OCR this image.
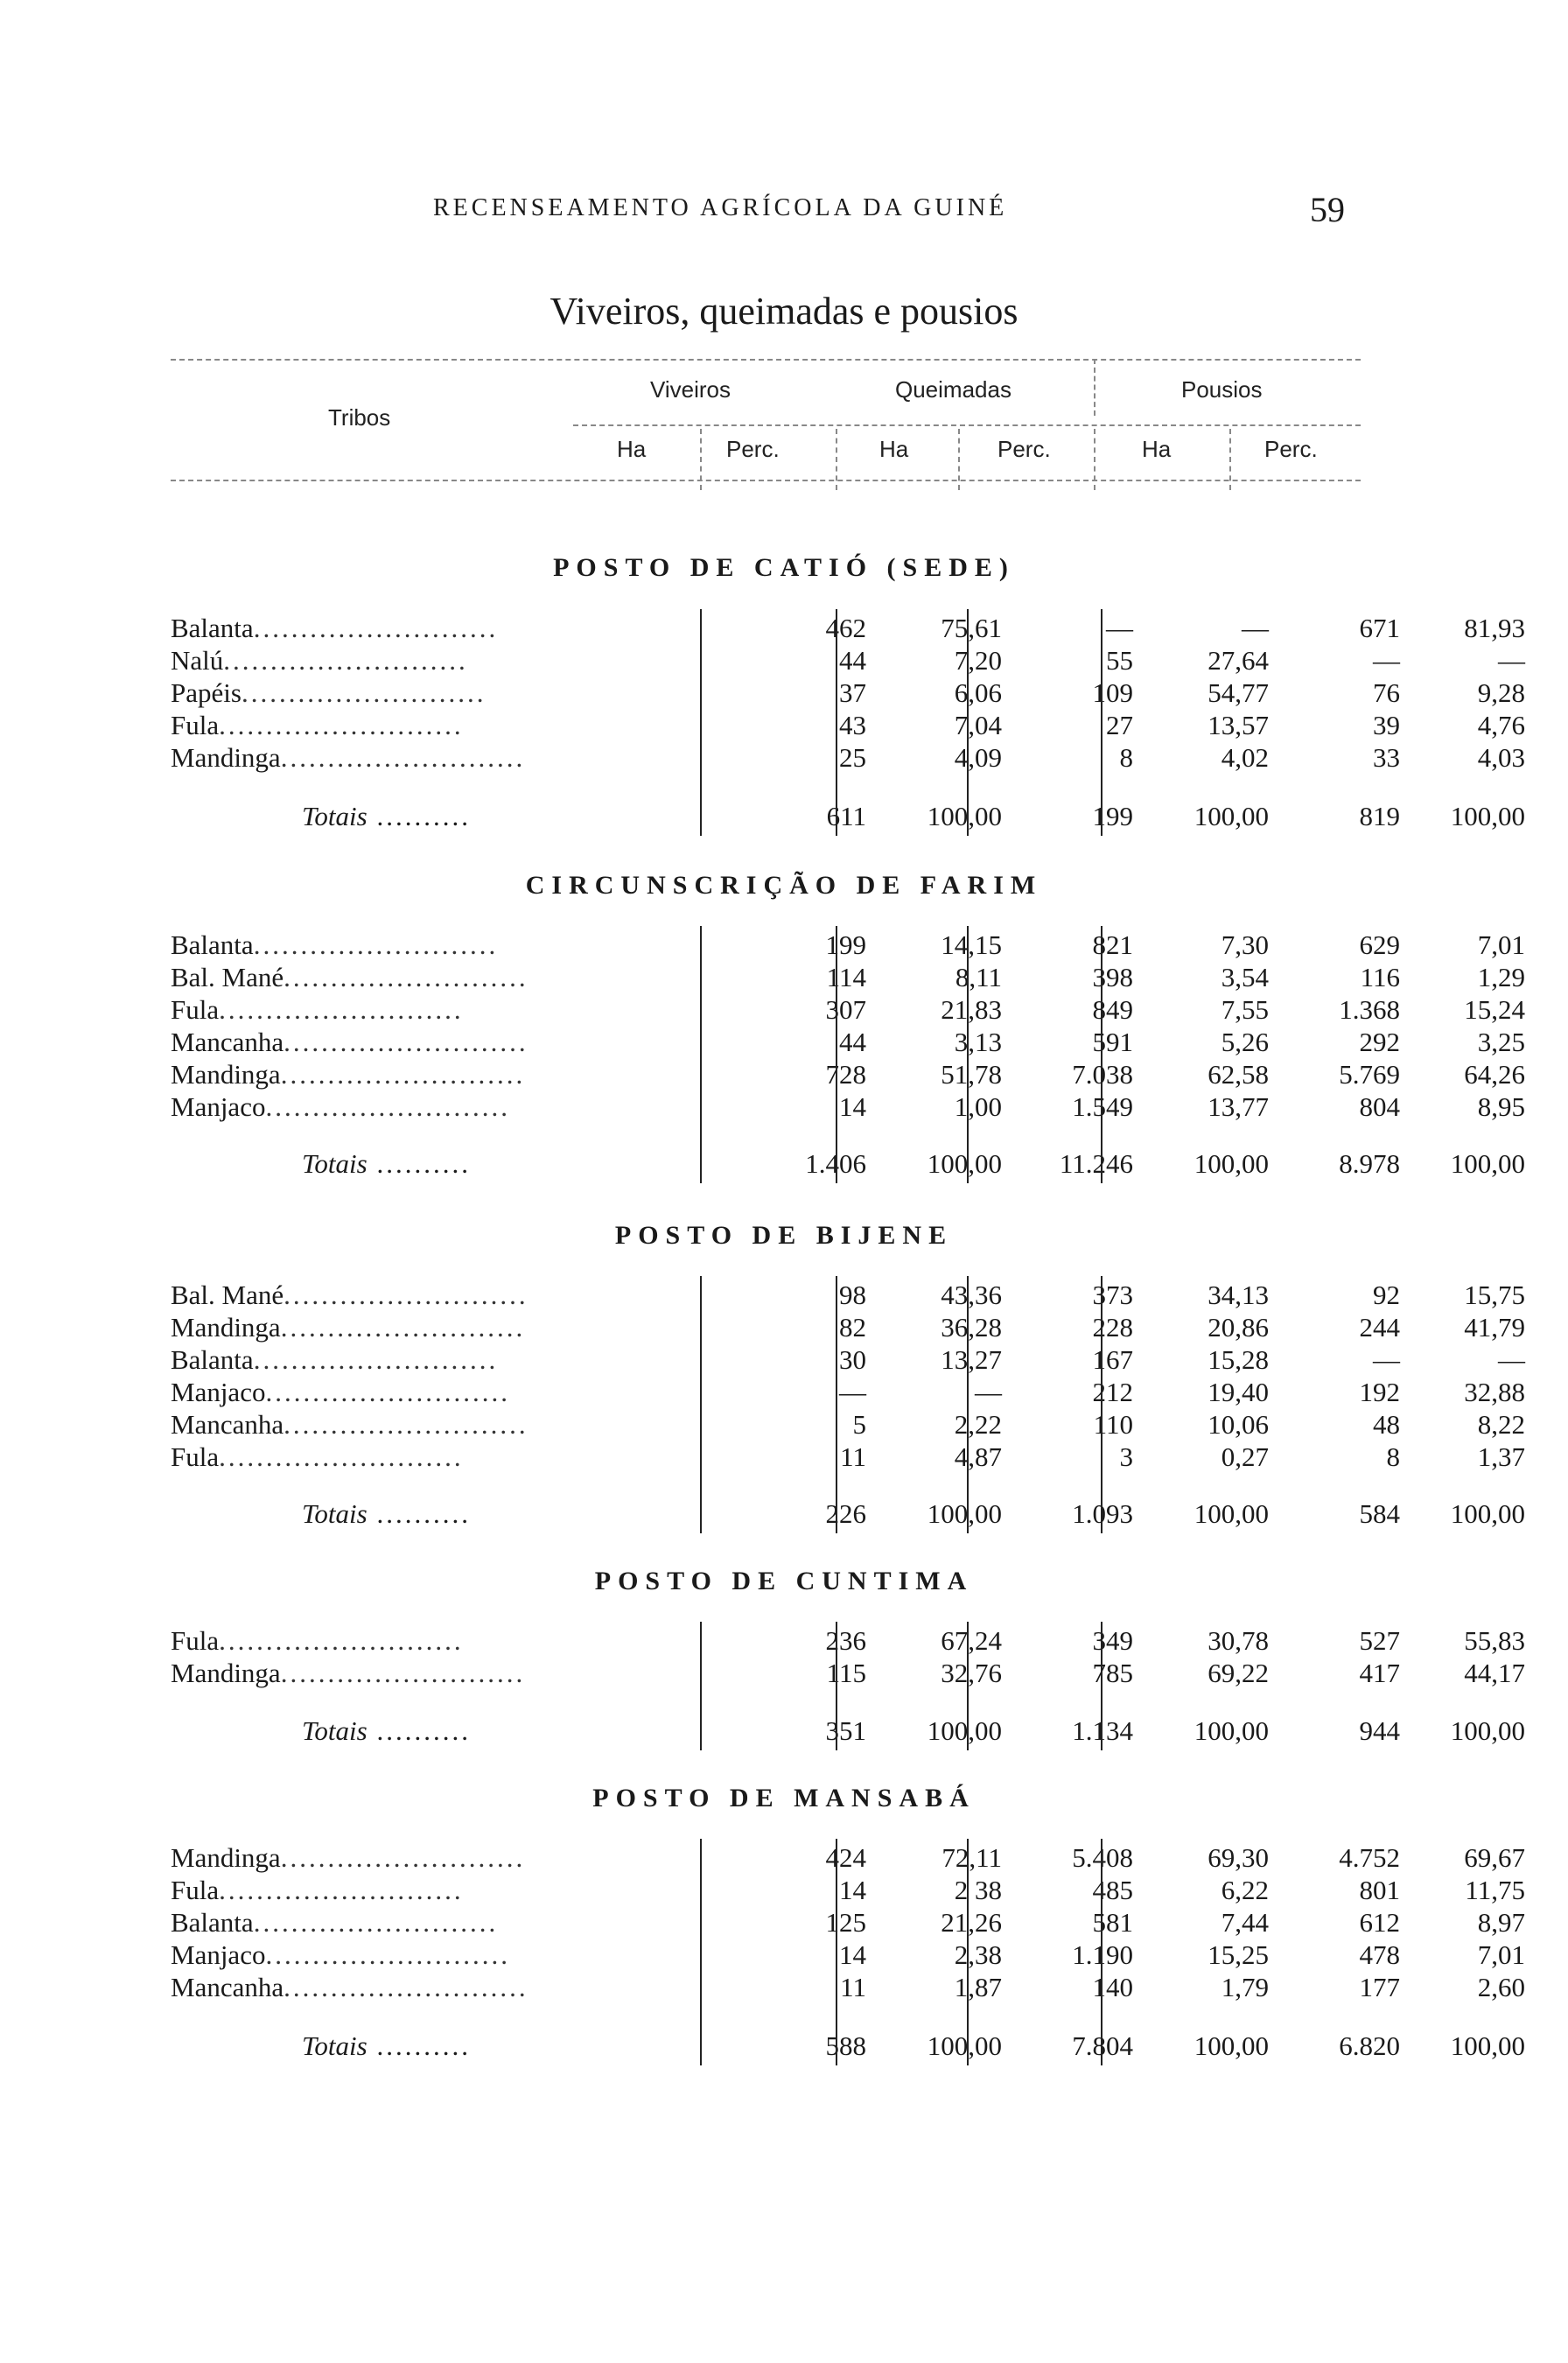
RECENSEAMENTO AGRÍCOLA DA GUINÉ	59
Viveiros, queimadas e pousios
Tribos
Viveiros	Queimadas	Pousios
Ha	Perc.	Ha	Perc.	Ha	Perc.
POSTO DE CATIÓ (SEDE)
Balanta..........................	462	75,61	—	—	671	81,93
Nalú..........................	44	7,20	55	27,64	—	—
Papéis..........................	37	6,06	109	54,77	76	9,28
Fula..........................	43	7,04	27	13,57	39	4,76
Mandinga..........................	25	4,09	8	4,02	33	4,03
Totais ..........	611	100,00	199	100,00	819	100,00
CIRCUNSCRIÇÃO DE FARIM
Balanta..........................	199	14,15	821	7,30	629	7,01
Bal. Mané..........................	114	8,11	398	3,54	116	1,29
Fula..........................	307	21,83	849	7,55	1.368	15,24
Mancanha..........................	44	3,13	591	5,26	292	3,25
Mandinga..........................	728	51,78	7.038	62,58	5.769	64,26
Manjaco..........................	14	1,00	1.549	13,77	804	8,95
Totais ..........	1.406	100,00	11.246	100,00	8.978	100,00
POSTO DE BIJENE
Bal. Mané..........................	98	43,36	373	34,13	92	15,75
Mandinga..........................	82	36,28	228	20,86	244	41,79
Balanta..........................	30	13,27	167	15,28	—	—
Manjaco..........................	—	—	212	19,40	192	32,88
Mancanha..........................	5	2,22	110	10,06	48	8,22
Fula..........................	11	4,87	3	0,27	8	1,37
Totais ..........	226	100,00	1.093	100,00	584	100,00
POSTO DE CUNTIMA
Fula..........................	236	67,24	349	30,78	527	55,83
Mandinga..........................	115	32,76	785	69,22	417	44,17
Totais ..........	351	100,00	1.134	100,00	944	100,00
POSTO DE MANSABÁ
Mandinga..........................	424	72,11	5.408	69,30	4.752	69,67
Fula..........................	14	2 38	485	6,22	801	11,75
Balanta..........................	125	21,26	581	7,44	612	8,97
Manjaco..........................	14	2,38	1.190	15,25	478	7,01
Mancanha..........................	11	1,87	140	1,79	177	2,60
Totais ..........	588	100,00	7.804	100,00	6.820	100,00
